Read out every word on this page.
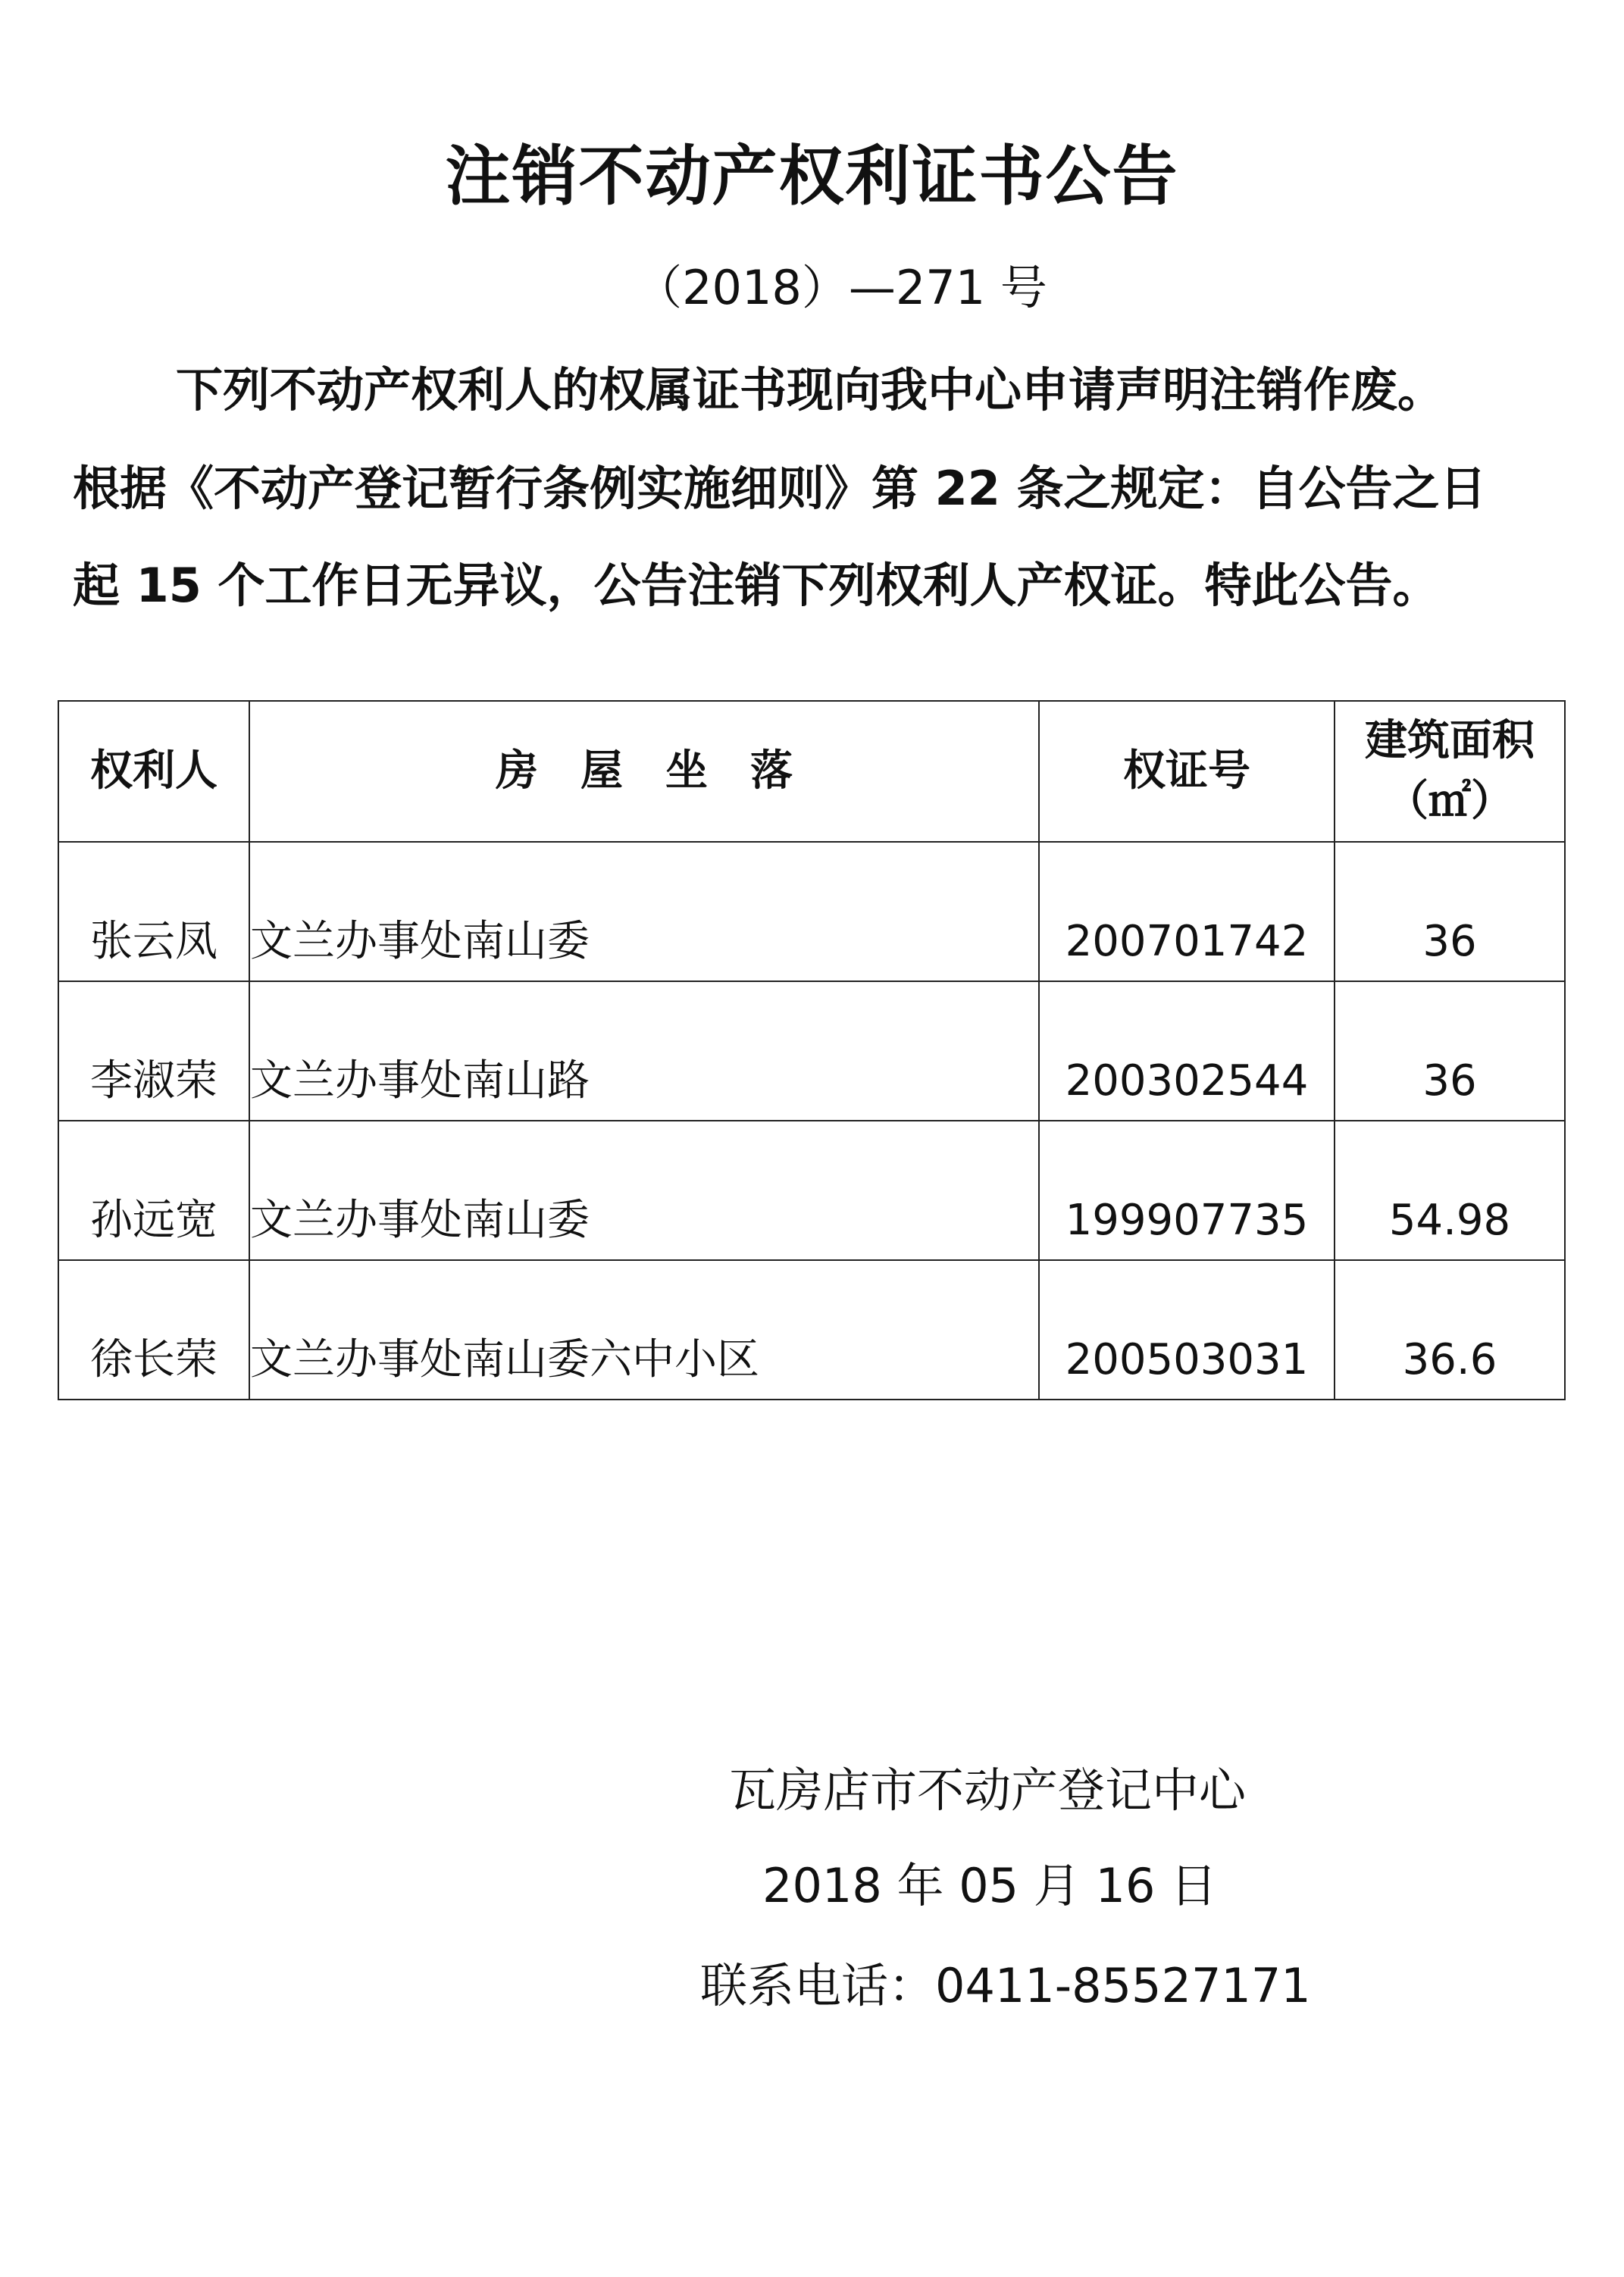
注销不动产权利证书公告
（2018）—271 号
下列不动产权利人的权属证书现向我中心申请声明注销作废。
根据《不动产登记暂行条例实施细则》第 22 条之规定：自公告之日
起 15 个工作日无异议，公告注销下列权利人产权证。特此公告。
权利人	房屋坐落	权证号	建筑面积
（㎡）

张云凤	文兰办事处南山委	200701742	36
李淑荣	文兰办事处南山路	200302544	36
孙远宽	文兰办事处南山委	199907735	54.98
徐长荣	文兰办事处南山委六中小区	200503031	36.6
瓦房店市不动产登记中心
2018 年 05 月 16 日
联系电话：0411-85527171
